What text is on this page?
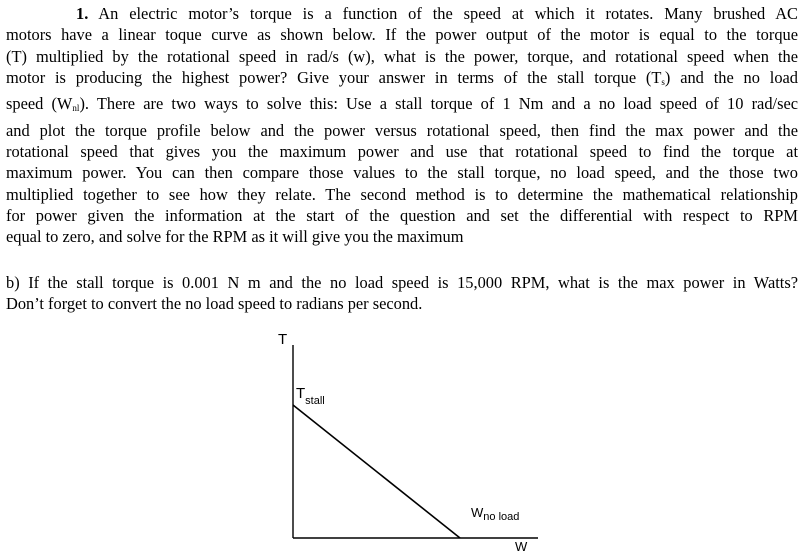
1. An electric motor’s torque is a function of the speed at which it rotates. Many brushed AC
motors have a linear toque curve as shown below. If the power output of the motor is equal to the torque
(T) multiplied by the rotational speed in rad/s (w), what is the power, torque, and rotational speed when the
motor is producing the highest power? Give your answer in terms of the stall torque $(T_s)$ and the no load
speed $(W_{nl})$. There are two ways to solve this: Use a stall torque of 1 Nm and a no load speed of 10 rad/sec
and plot the torque profile below and the power versus rotational speed, then find the max power and the
rotational speed that gives you the maximum power and use that rotational speed to find the torque at
maximum power. You can then compare those values to the stall torque, no load speed, and the those two
multiplied together to see how they relate. The second method is to determine the mathematical relationship
for power given the information at the start of the question and set the differential with respect to RPM
equal to zero, and solve for the RPM as it will give you the maximum
b) If the stall torque is 0.001 N m and the no load speed is 15,000 RPM, what is the max power in Watts?
Don’t forget to convert the no load speed to radians per second.
T
$T_{stall}$
$W_{no load}$
W
